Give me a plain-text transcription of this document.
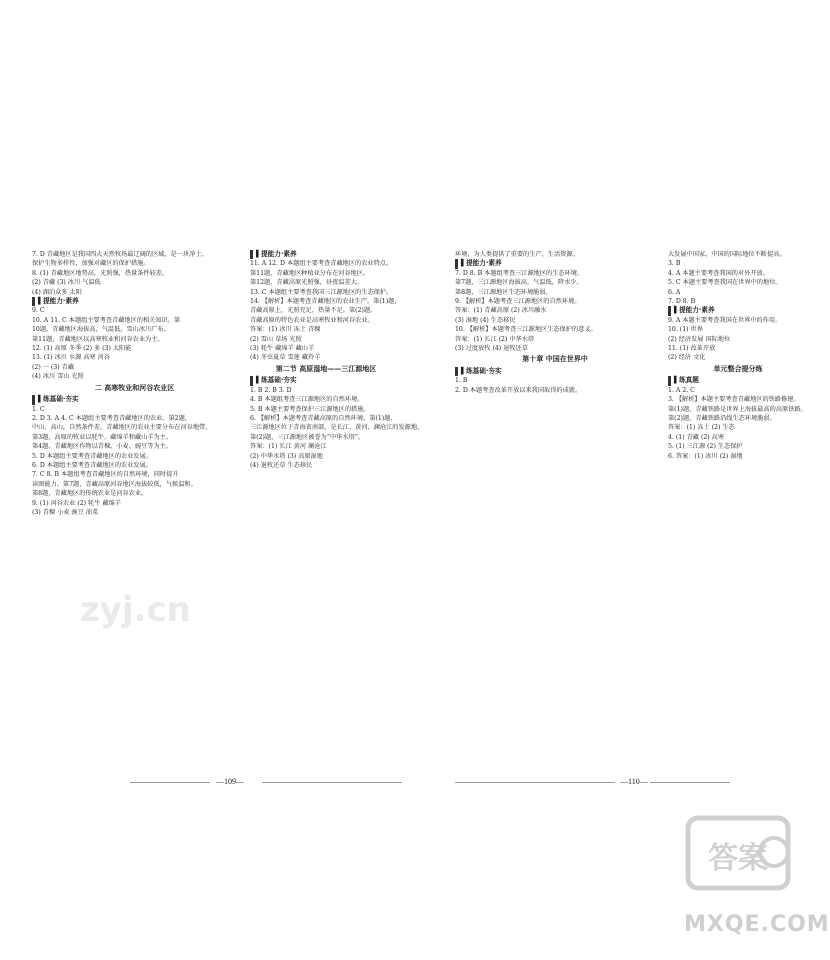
7. D 青藏地区是我国四大天然牧场最辽阔的区域，是一块净土。

保护生物多样性，加强对藏区的保护措施。

8. (1) 青藏地区地势高，光照强，热量条件较差。

(2) 青藏 (3) 冰川 气温低

(4) 湖泊众多 太阳

▌提能力·素养

9. C

10. A 11. C 本题组主要考查青藏地区的相关知识。第

10题，青藏地区海拔高，气温低，雪山冰川广布。

第11题，青藏地区以高寒牧业和河谷农业为主。

12. (1) 高原 冬季 (2) 多 (3) 太阳能

13. (1) 冰川 水源 高寒 河谷

(2) 一 (3) 青藏

(4) 冰川 雪山 光照

二 高寒牧业和河谷农业区

▌练基础·夯实

1. C

2. D 3. A 4. C 本题组主要考查青藏地区的农业。第2题，

中山、高山，自然条件差，青藏地区的农业主要分布在河谷地带。

第3题，高原的牧业以牦牛、藏绵羊和藏山羊为主。

第4题，青藏地区作物以青稞、小麦、豌豆等为主。

5. D 本题组主要考查青藏地区的农业发展。

6. D 本题组主要考查青藏地区的农业发展。

7. C 8. B 本题组考查青藏地区的自然环境，同时提升

读图能力。第7题，青藏高原河谷地区海拔较低，气候温和。

第8题，青藏地区的传统农业是河谷农业。

9. (1) 河谷农业 (2) 牦牛 藏绵羊

(3) 青稞 小麦 豌豆 油菜

▌提能力·素养

11. A 12. D 本题组主要考查青藏地区的农业特点。

第11题，青藏地区种植业分布在河谷地区。

第12题，青藏高原光照强，昼夜温差大。

13. C 本题组主要考查我国三江源地区的生态保护。

14. 【解析】本题考查青藏地区的农业生产。第(1)题，

青藏高原上，光照充足，热量不足。第(2)题，

青藏高原的特色农业是高寒牧业和河谷农业。

答案：(1) 冰川 冻土 青稞

(2) 雪山 草场 光照

(3) 牦牛 藏绵羊 藏山羊

(4) 冬虫夏草 雪莲 藏羚羊

第二节 高原湿地——三江源地区

▌练基础·夯实

1. B 2. B 3. D

4. B 本题组考查三江源地区的自然环境。

5. B 本题主要考查保护三江源地区的措施。

6. 【解析】本题考查青藏高原的自然环境。第(1)题，

三江源地区位于青海省南部，是长江、黄河、澜沧江的发源地。

第(2)题，三江源地区被誉为“中华水塔”。

答案：(1) 长江 黄河 澜沧江

(2) 中华水塔 (3) 高原湿地

(4) 退牧还草 生态移民

环境，为人类提供了重要的生产、生活资源。

▌提能力·素养

7. D 8. B 本题组考查三江源地区的生态环境。

第7题，三江源地区海拔高，气温低，降水少。

第8题，三江源地区生态环境脆弱。

9. 【解析】本题考查三江源地区的自然环境。

答案：(1) 青藏高原 (2) 冰川融水

(3) 湿地 (4) 生态移民

10. 【解析】本题考查三江源地区生态保护的意义。

答案：(1) 长江 (2) 中华水塔

(3) 过度放牧 (4) 退牧还草

第十章 中国在世界中

▌练基础·夯实

1. B

2. D 本题考查改革开放以来我国取得的成就。

大发展中国家，中国的国际地位不断提高。

3. B

4. A 本题主要考查我国的对外开放。

5. C 本题主要考查我国在世界中的地位。

6. A

7. D 8. B

▌提能力·素养

9. A 本题主要考查我国在世界中的作用。

10. (1) 世界

(2) 经济发展 国际地位

11. (1) 改革开放

(2) 经济 文化

单元整合提分练

▌练真题

1. A 2. C

3. 【解析】本题主要考查青藏地区的铁路修建。

第(1)题，青藏铁路是世界上海拔最高的高原铁路。

第(2)题，青藏铁路沿线生态环境脆弱。

答案：(1) 冻土 (2) 生态

4. (1) 青藏 (2) 高寒

5. (1) 三江源 (2) 生态保护

6. 答案：(1) 冰川 (2) 湿地

—109—	—110—
zyj.cn
答案
MXQE.COM
